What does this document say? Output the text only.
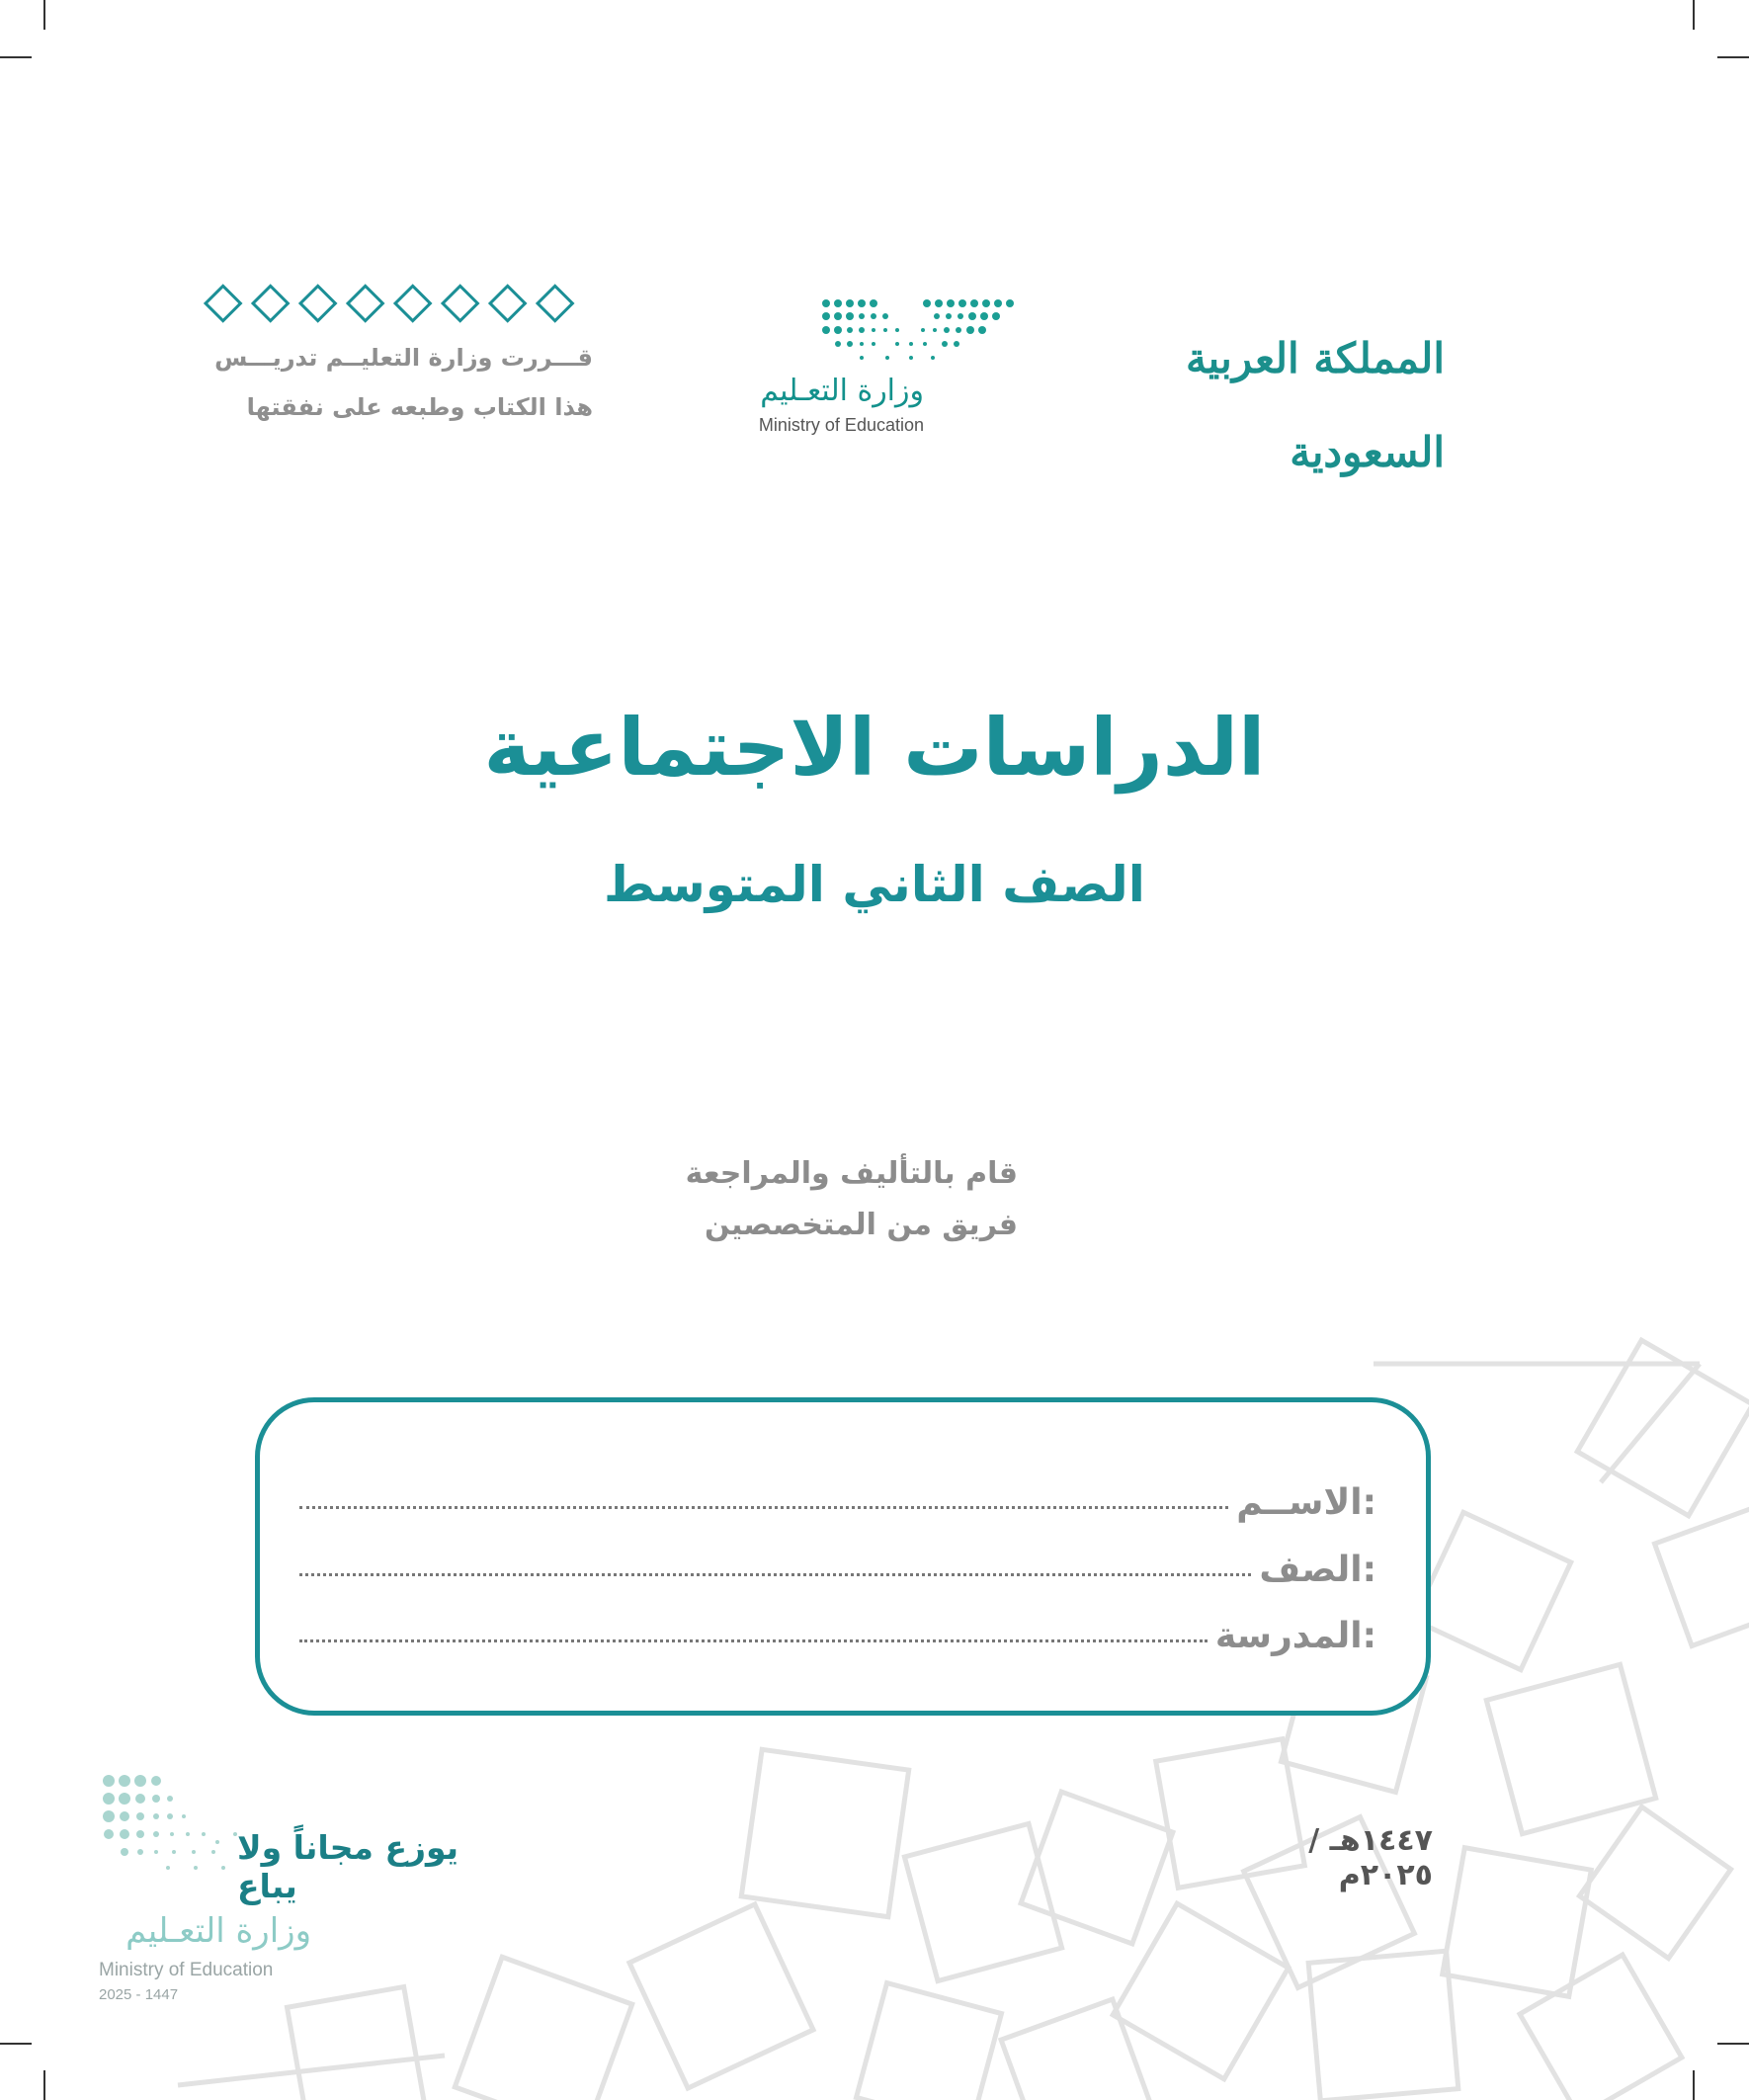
المملكة العربية السعودية
وزارة التعـليم
Ministry of Education
قـــررت وزارة التعليــم تدريـــس
هذا الكتاب وطبعه على نفقتها
الدراسات الاجتماعية
الصف الثاني المتوسط
قام بالتأليف والمراجعة
فريق من المتخصصين
الاســم:
الصف:
المدرسة:
١٤٤٧هـ / ٢٠٢٥م
يوزع مجاناً ولا يباع
وزارة التعـليم
Ministry of Education
2025 - 1447
